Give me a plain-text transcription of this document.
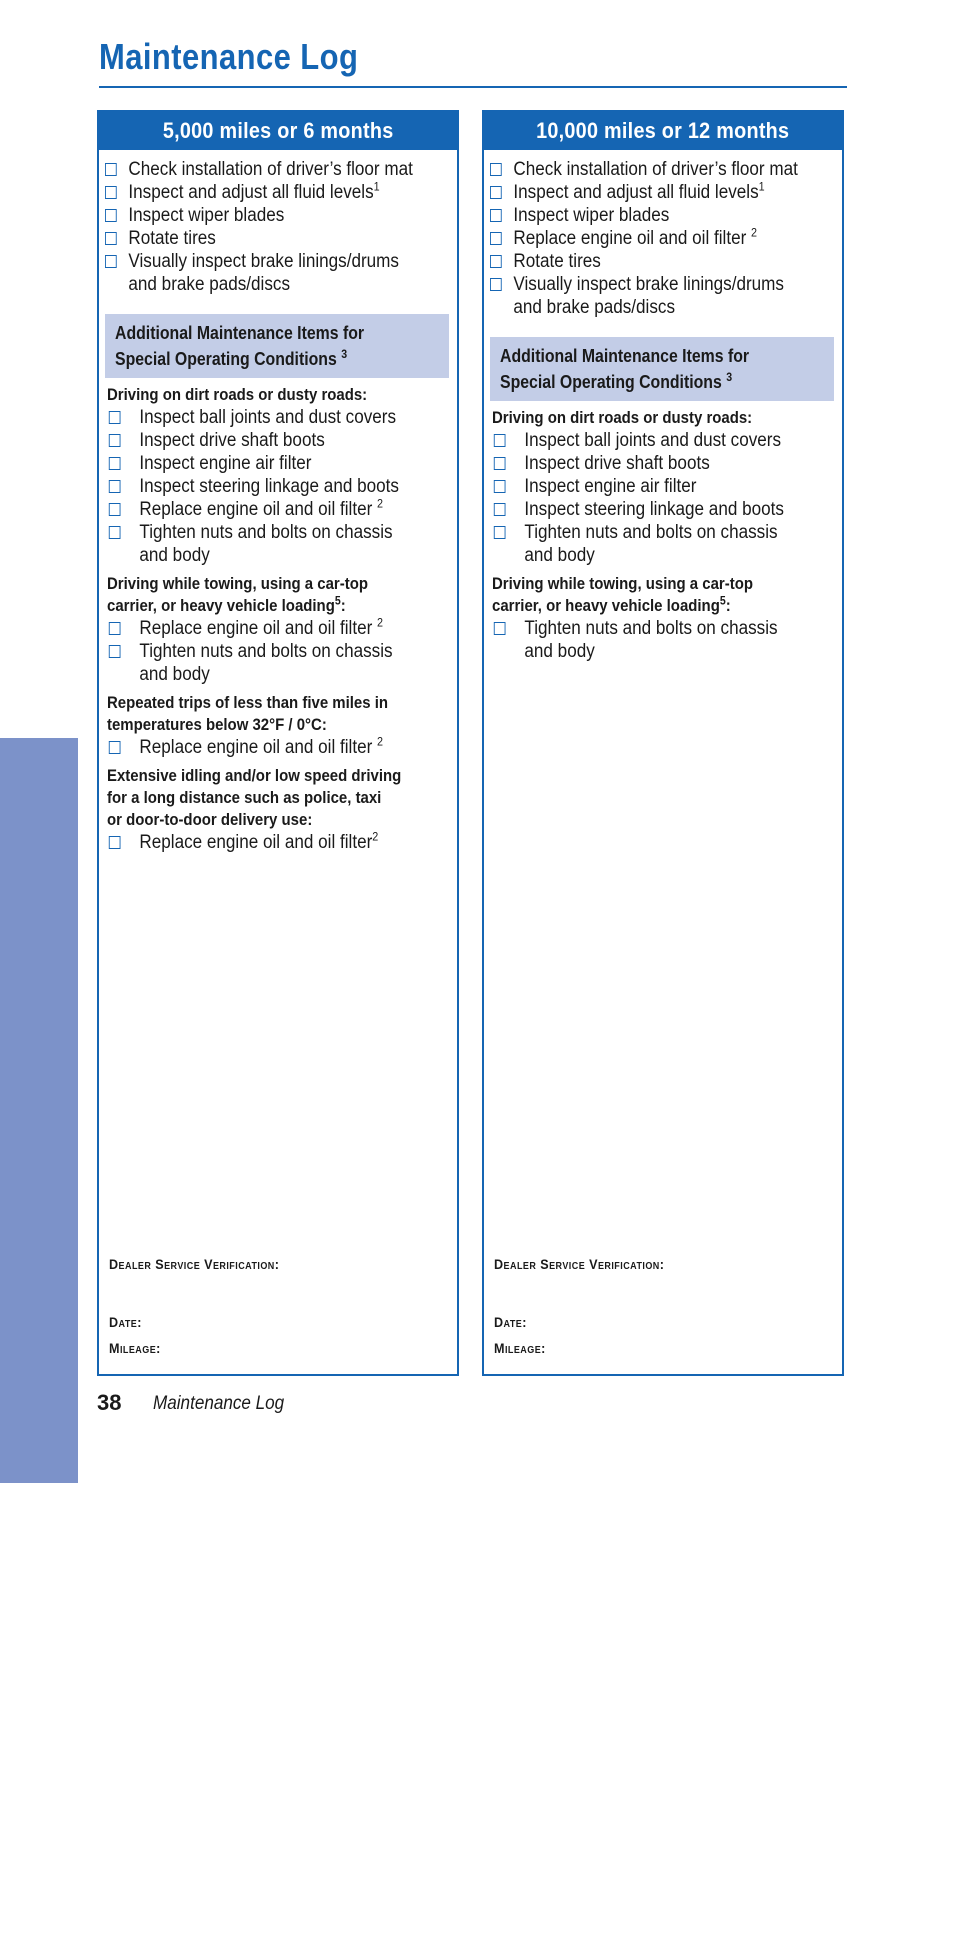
Maintenance Log
MAINTENANCE
5,000 miles or 6 months
Check installation of driver’s floor mat
Inspect and adjust all fluid levels$^1$
Inspect wiper blades
Rotate tires
Visually inspect brake linings/drums
and brake pads/discs
Additional Maintenance Items for
Special Operating Conditions $^3$
Driving on dirt roads or dusty roads:
Inspect ball joints and dust covers
Inspect drive shaft boots
Inspect engine air filter
Inspect steering linkage and boots
Replace engine oil and oil filter $^2$
Tighten nuts and bolts on chassis
and body
Driving while towing, using a car-top
carrier, or heavy vehicle loading$^5$:
Replace engine oil and oil filter $^2$
Tighten nuts and bolts on chassis
and body
Repeated trips of less than five miles in
temperatures below 32°F / 0°C:
Replace engine oil and oil filter $^2$
Extensive idling and/or low speed driving
for a long distance such as police, taxi
or door-to-door delivery use:
Replace engine oil and oil filter$^2$
Dealer Service Verification:
Date:
Mileage:
10,000 miles or 12 months
Check installation of driver’s floor mat
Inspect and adjust all fluid levels$^1$
Inspect wiper blades
Replace engine oil and oil filter $^2$
Rotate tires
Visually inspect brake linings/drums
and brake pads/discs
Additional Maintenance Items for
Special Operating Conditions $^3$
Driving on dirt roads or dusty roads:
Inspect ball joints and dust covers
Inspect drive shaft boots
Inspect engine air filter
Inspect steering linkage and boots
Tighten nuts and bolts on chassis
and body
Driving while towing, using a car-top
carrier, or heavy vehicle loading$^5$:
Tighten nuts and bolts on chassis
and body
Dealer Service Verification:
Date:
Mileage:
38 Maintenance Log
